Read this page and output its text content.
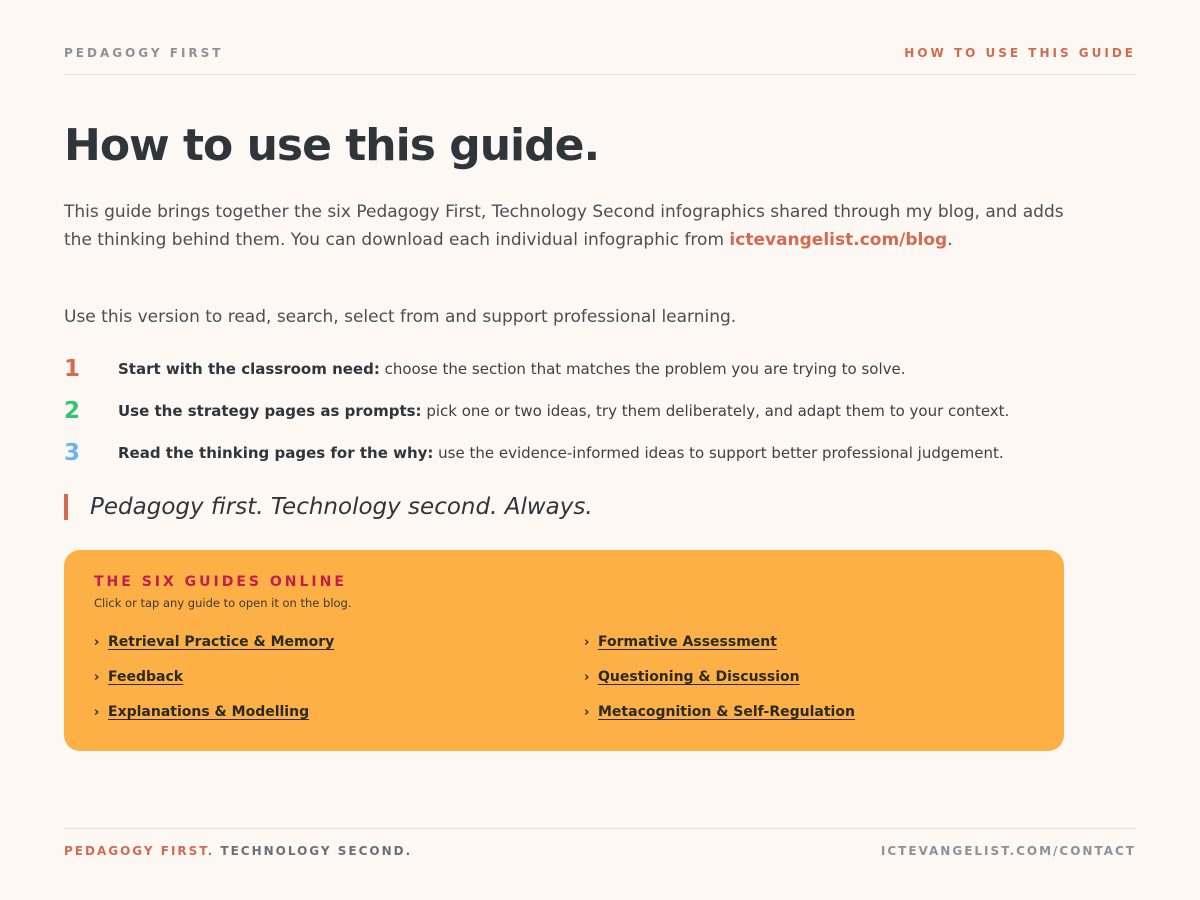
PEDAGOGY FIRST	HOW TO USE THIS GUIDE
How to use this guide.

This guide brings together the six Pedagogy First, Technology Second infographics shared through my blog, and adds the thinking behind them. You can download each individual infographic from ictevangelist.com/blog.

Use this version to read, search, select from and support professional learning.

1	Start with the classroom need: choose the section that matches the problem you are trying to solve.
2	Use the strategy pages as prompts: pick one or two ideas, try them deliberately, and adapt them to your context.
3	Read the thinking pages for the why: use the evidence-informed ideas to support better professional judgement.
Pedagogy first. Technology second. Always.
THE SIX GUIDES ONLINE
Click or tap any guide to open it on the blog.
› Retrieval Practice & Memory	› Formative Assessment
› Feedback	› Questioning & Discussion
› Explanations & Modelling	› Metacognition & Self-Regulation
PEDAGOGY FIRST. TECHNOLOGY SECOND.	ICTEVANGELIST.COM/CONTACT
